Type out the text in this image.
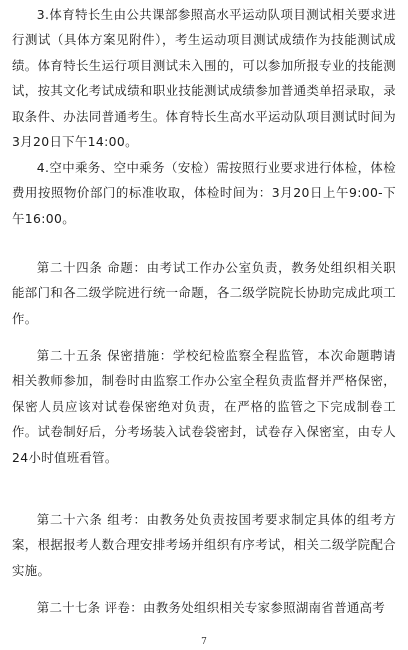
3.体育特长生由公共课部参照高水平运动队项目测试相关要求进行测试（具体方案见附件），考生运动项目测试成绩作为技能测试成绩。体育特长生运行项目测试未入围的，可以参加所报专业的技能测试，按其文化考试成绩和职业技能测试成绩参加普通类单招录取，录取条件、办法同普通考生。体育特长生高水平运动队项目测试时间为3月20日下午14:00。

4.空中乘务、空中乘务（安检）需按照行业要求进行体检，体检费用按照物价部门的标准收取，体检时间为：3月20日上午9:00-下午16:00。

第二十四条 命题：由考试工作办公室负责，教务处组织相关职能部门和各二级学院进行统一命题，各二级学院院长协助完成此项工作。

第二十五条 保密措施：学校纪检监察全程监管，本次命题聘请相关教师参加，制卷时由监察工作办公室全程负责监督并严格保密，保密人员应该对试卷保密绝对负责，在严格的监管之下完成制卷工作。试卷制好后，分考场装入试卷袋密封，试卷存入保密室，由专人24小时值班看管。

第二十六条 组考：由教务处负责按国考要求制定具体的组考方案，根据报考人数合理安排考场并组织有序考试，相关二级学院配合实施。

第二十七条 评卷：由教务处组织相关专家参照湖南省普通高考

7
